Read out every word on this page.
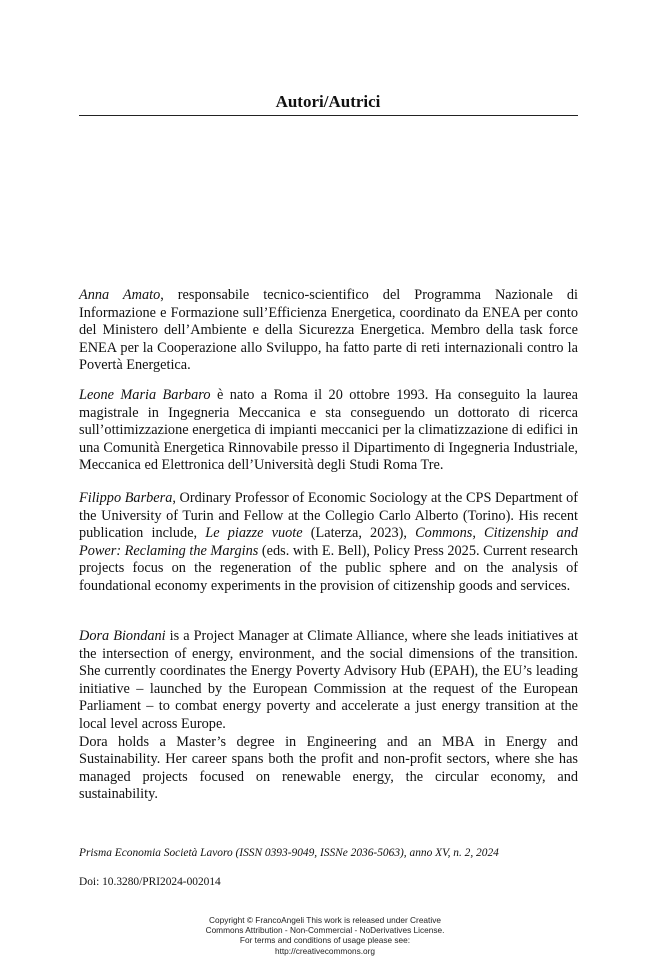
Autori/Autrici

Anna Amato, responsabile tecnico-scientifico del Programma Nazionale di Informazione e Formazione sull’Efficienza Energetica, coordinato da ENEA per conto del Ministero dell’Ambiente e della Sicurezza Energetica. Membro della task force ENEA per la Cooperazione allo Sviluppo, ha fatto parte di reti internazionali contro la Povertà Energetica.

Leone Maria Barbaro è nato a Roma il 20 ottobre 1993. Ha conseguito la laurea magistrale in Ingegneria Meccanica e sta conseguendo un dottorato di ricerca sull’ottimizzazione energetica di impianti meccanici per la climatizzazione di edifici in una Comunità Energetica Rinnovabile presso il Dipartimento di Ingegneria Industriale, Meccanica ed Elettronica dell’Università degli Studi Roma Tre.

Filippo Barbera, Ordinary Professor of Economic Sociology at the CPS Department of the University of Turin and Fellow at the Collegio Carlo Alberto (Torino). His recent publication include, Le piazze vuote (Laterza, 2023), Commons, Citizenship and Power: Reclaming the Margins (eds. with E. Bell), Policy Press 2025. Current research projects focus on the regeneration of the public sphere and on the analysis of foundational economy experiments in the provision of citizenship goods and services.

Dora Biondani is a Project Manager at Climate Alliance, where she leads initiatives at the intersection of energy, environment, and the social dimensions of the transition. She currently coordinates the Energy Poverty Advisory Hub (EPAH), the EU’s leading initiative – launched by the European Commission at the request of the European Parliament – to combat energy poverty and accelerate a just energy transition at the local level across Europe.

Dora holds a Master’s degree in Engineering and an MBA in Energy and Sustainability. Her career spans both the profit and non-profit sectors, where she has managed projects focused on renewable energy, the circular economy, and sustainability.

Prisma Economia Società Lavoro (ISSN 0393-9049, ISSNe 2036-5063), anno XV, n. 2, 2024
Doi: 10.3280/PRI2024-002014
Copyright © FrancoAngeli This work is released under Creative
Commons Attribution - Non-Commercial - NoDerivatives License.
For terms and conditions of usage please see:
http://creativecommons.org
